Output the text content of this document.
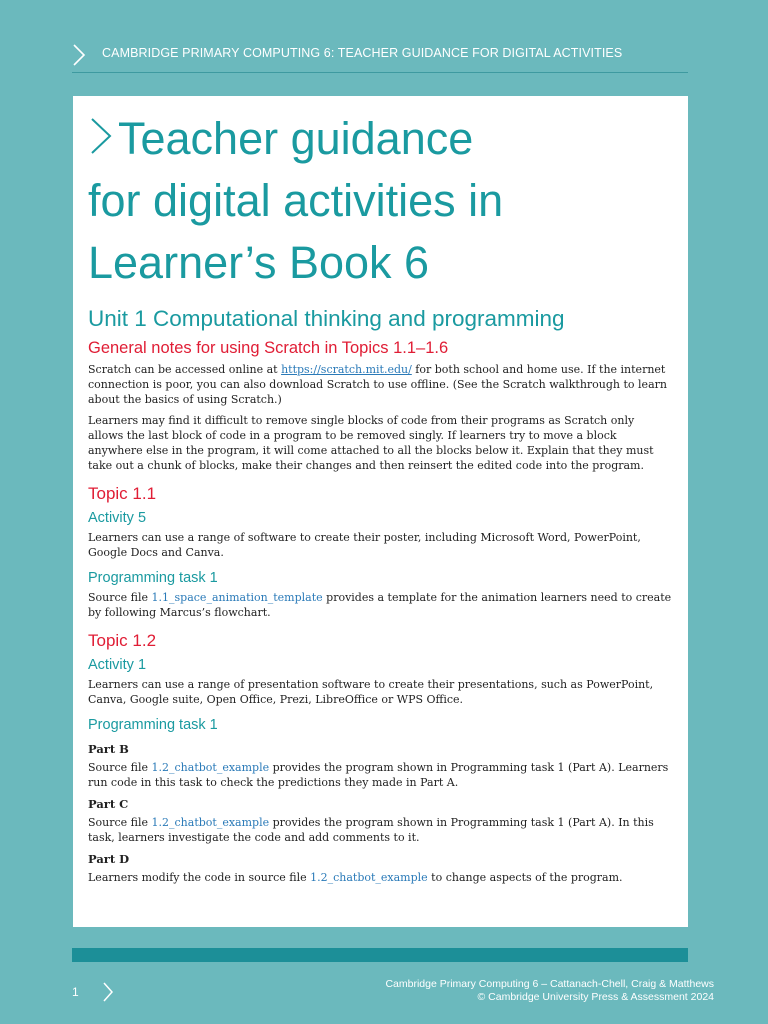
CAMBRIDGE PRIMARY COMPUTING 6: TEACHER GUIDANCE FOR DIGITAL ACTIVITIES
Teacher guidance
for digital activities in
Learner’s Book 6
Unit 1 Computational thinking and programming
General notes for using Scratch in Topics 1.1–1.6

Scratch can be accessed online at https://scratch.mit.edu/ for both school and home use. If the internet connection is poor, you can also download Scratch to use offline. (See the Scratch walkthrough to learn about the basics of using Scratch.)

Learners may find it difficult to remove single blocks of code from their programs as Scratch only allows the last block of code in a program to be removed singly. If learners try to move a block anywhere else in the program, it will come attached to all the blocks below it. Explain that they must take out a chunk of blocks, make their changes and then reinsert the edited code into the program.

Topic 1.1
Activity 5

Learners can use a range of software to create their poster, including Microsoft Word, PowerPoint, Google Docs and Canva.

Programming task 1

Source file 1.1_space_animation_template provides a template for the animation learners need to create by following Marcus’s flowchart.

Topic 1.2
Activity 1

Learners can use a range of presentation software to create their presentations, such as PowerPoint, Canva, Google suite, Open Office, Prezi, LibreOffice or WPS Office.

Programming task 1
Part B

Source file 1.2_chatbot_example provides the program shown in Programming task 1 (Part A). Learners run code in this task to check the predictions they made in Part A.

Part C

Source file 1.2_chatbot_example provides the program shown in Programming task 1 (Part A). In this task, learners investigate the code and add comments to it.

Part D

Learners modify the code in source file 1.2_chatbot_example to change aspects of the program.

1
Cambridge Primary Computing 6 – Cattanach-Chell, Craig & Matthews
© Cambridge University Press & Assessment 2024
